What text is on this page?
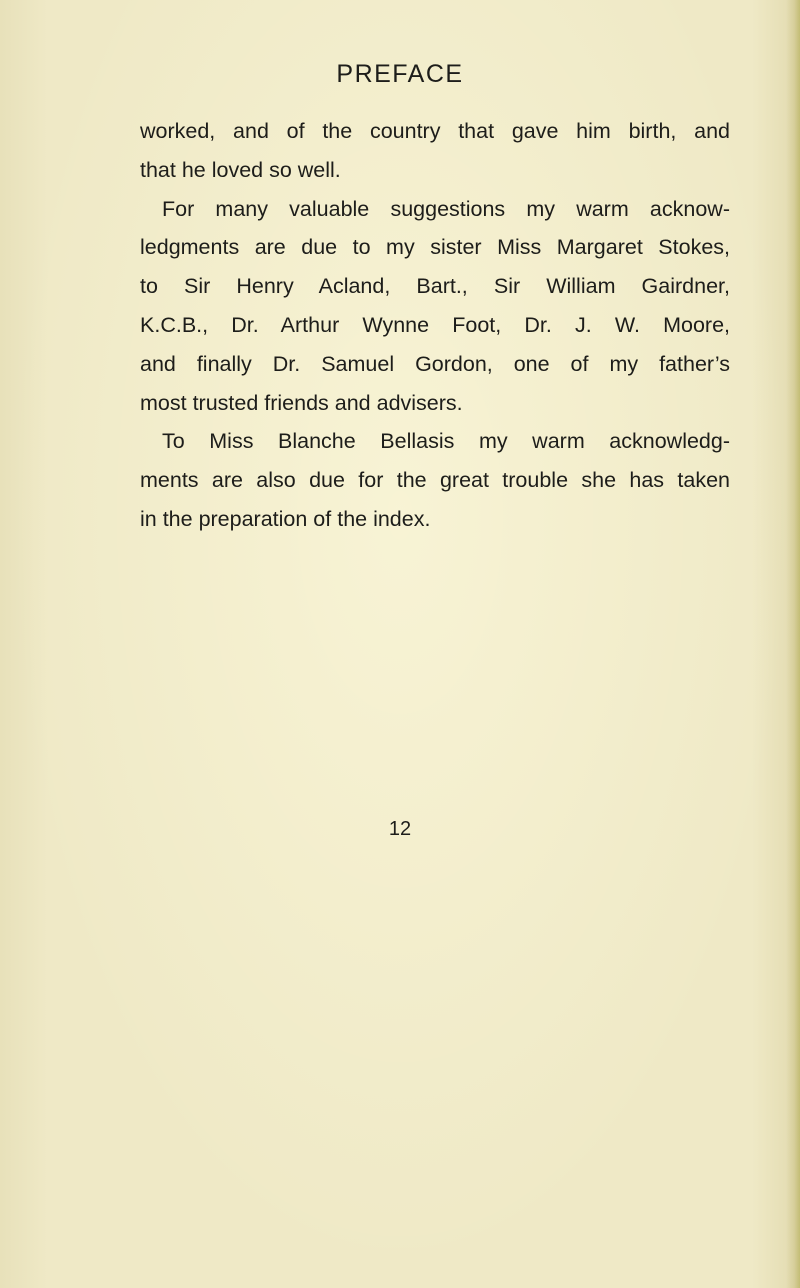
PREFACE
worked, and of the country that gave him birth, and
that he loved so well.
For many valuable suggestions my warm acknow-
ledgments are due to my sister Miss Margaret Stokes,
to Sir Henry Acland, Bart., Sir William Gairdner,
K.C.B., Dr. Arthur Wynne Foot, Dr. J. W. Moore,
and finally Dr. Samuel Gordon, one of my father’s
most trusted friends and advisers.
To Miss Blanche Bellasis my warm acknowledg-
ments are also due for the great trouble she has taken
in the preparation of the index.

12
